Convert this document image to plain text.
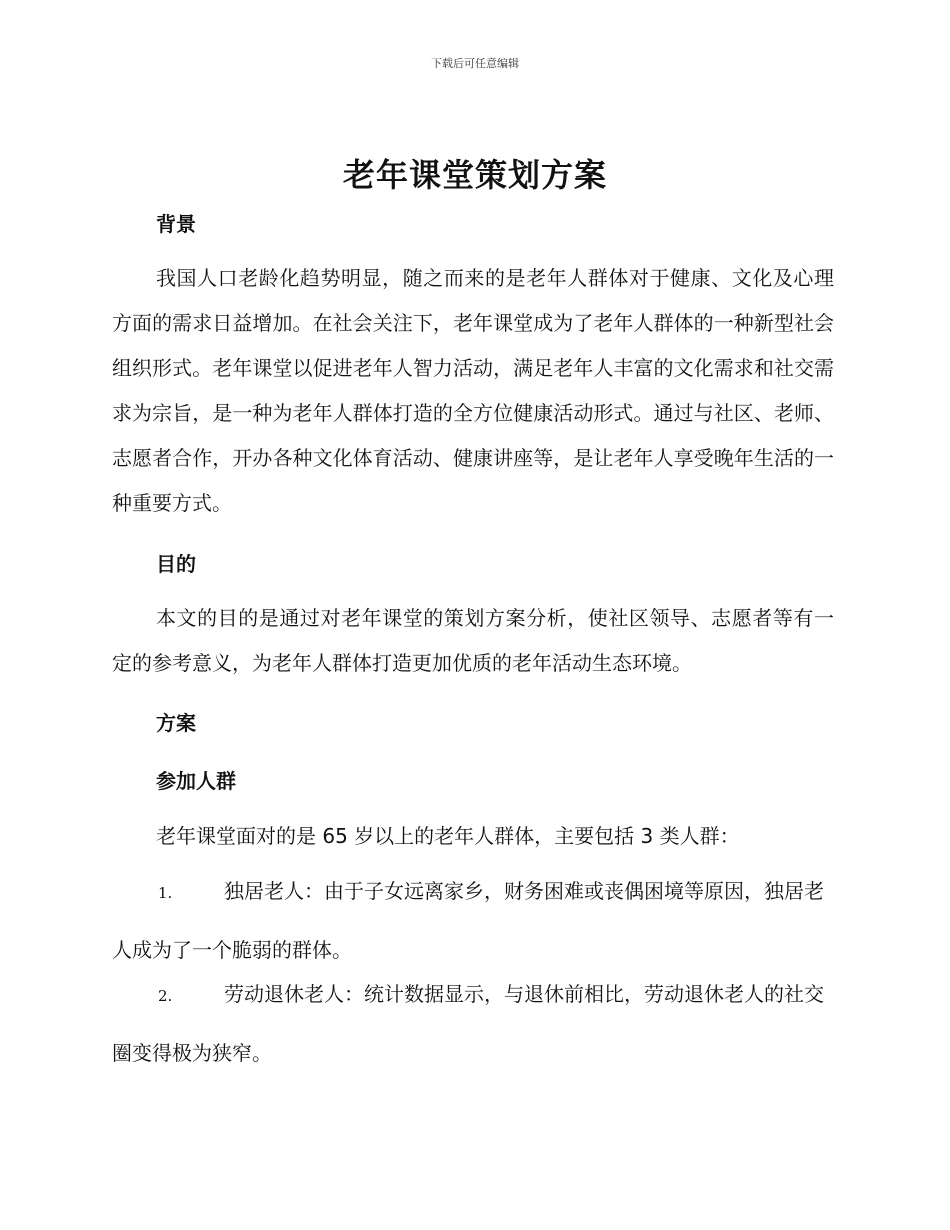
下载后可任意编辑
老年课堂策划方案
背景
我国人口老龄化趋势明显，随之而来的是老年人群体对于健康、文化及心理方面的需求日益增加。在社会关注下，老年课堂成为了老年人群体的一种新型社会组织形式。老年课堂以促进老年人智力活动，满足老年人丰富的文化需求和社交需求为宗旨，是一种为老年人群体打造的全方位健康活动形式。通过与社区、老师、志愿者合作，开办各种文化体育活动、健康讲座等，是让老年人享受晚年生活的一种重要方式。
目的
本文的目的是通过对老年课堂的策划方案分析，使社区领导、志愿者等有一定的参考意义，为老年人群体打造更加优质的老年活动生态环境。
方案
参加人群
老年课堂面对的是 65 岁以上的老年人群体，主要包括 3 类人群：
1.	独居老人：由于子女远离家乡，财务困难或丧偶困境等原因，独居老人成为了一个脆弱的群体。
2.	劳动退休老人：统计数据显示，与退休前相比，劳动退休老人的社交圈变得极为狭窄。
